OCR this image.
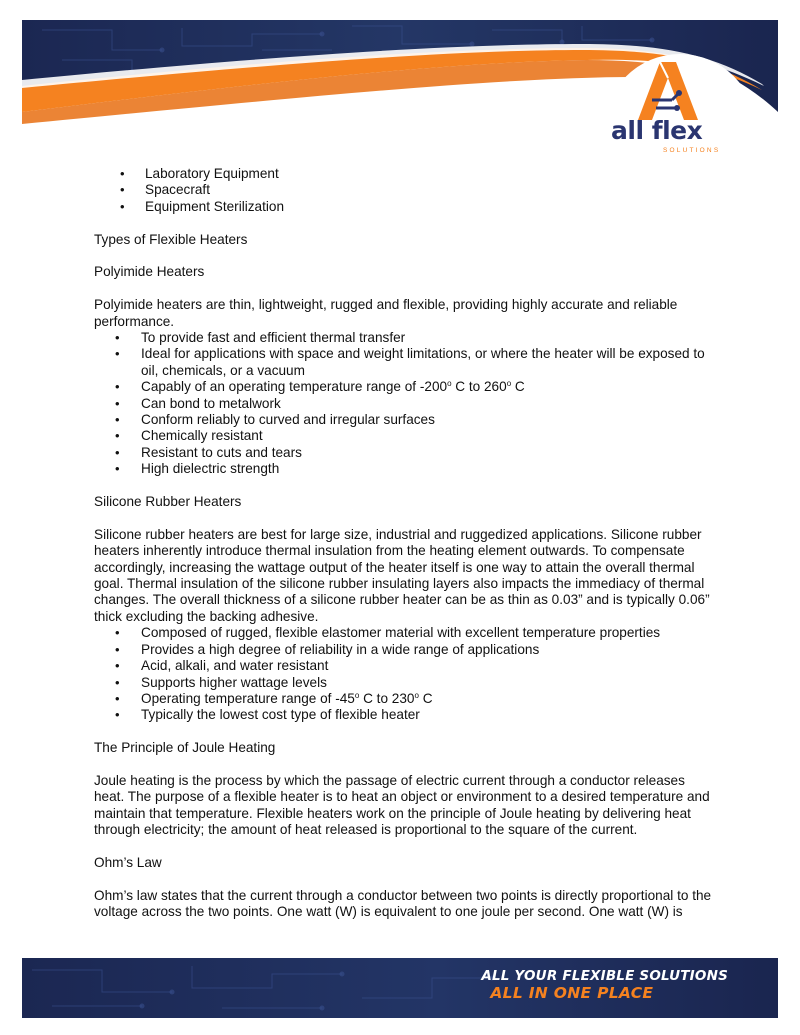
all flex
SOLUTIONS
• Laboratory Equipment
• Spacecraft
• Equipment Sterilization

Types of Flexible Heaters

Polyimide Heaters

Polyimide heaters are thin, lightweight, rugged and flexible, providing highly accurate and reliable performance.

• To provide fast and efficient thermal transfer
• Ideal for applications with space and weight limitations, or where the heater will be exposed to oil, chemicals, or a vacuum
• Capably of an operating temperature range of -200$^o$ C to 260$^o$ C
• Can bond to metalwork
• Conform reliably to curved and irregular surfaces
• Chemically resistant
• Resistant to cuts and tears
• High dielectric strength

Silicone Rubber Heaters

Silicone rubber heaters are best for large size, industrial and ruggedized applications. Silicone rubber heaters inherently introduce thermal insulation from the heating element outwards. To compensate accordingly, increasing the wattage output of the heater itself is one way to attain the overall thermal goal. Thermal insulation of the silicone rubber insulating layers also impacts the immediacy of thermal changes. The overall thickness of a silicone rubber heater can be as thin as 0.03” and is typically 0.06” thick excluding the backing adhesive.

• Composed of rugged, flexible elastomer material with excellent temperature properties
• Provides a high degree of reliability in a wide range of applications
• Acid, alkali, and water resistant
• Supports higher wattage levels
• Operating temperature range of -45$^o$ C to 230$^o$ C
• Typically the lowest cost type of flexible heater

The Principle of Joule Heating

Joule heating is the process by which the passage of electric current through a conductor releases heat. The purpose of a flexible heater is to heat an object or environment to a desired temperature and maintain that temperature. Flexible heaters work on the principle of Joule heating by delivering heat through electricity; the amount of heat released is proportional to the square of the current.

Ohm’s Law

Ohm’s law states that the current through a conductor between two points is directly proportional to the voltage across the two points. One watt (W) is equivalent to one joule per second. One watt (W) is

ALL YOUR FLEXIBLE SOLUTIONS
ALL IN ONE PLACE
